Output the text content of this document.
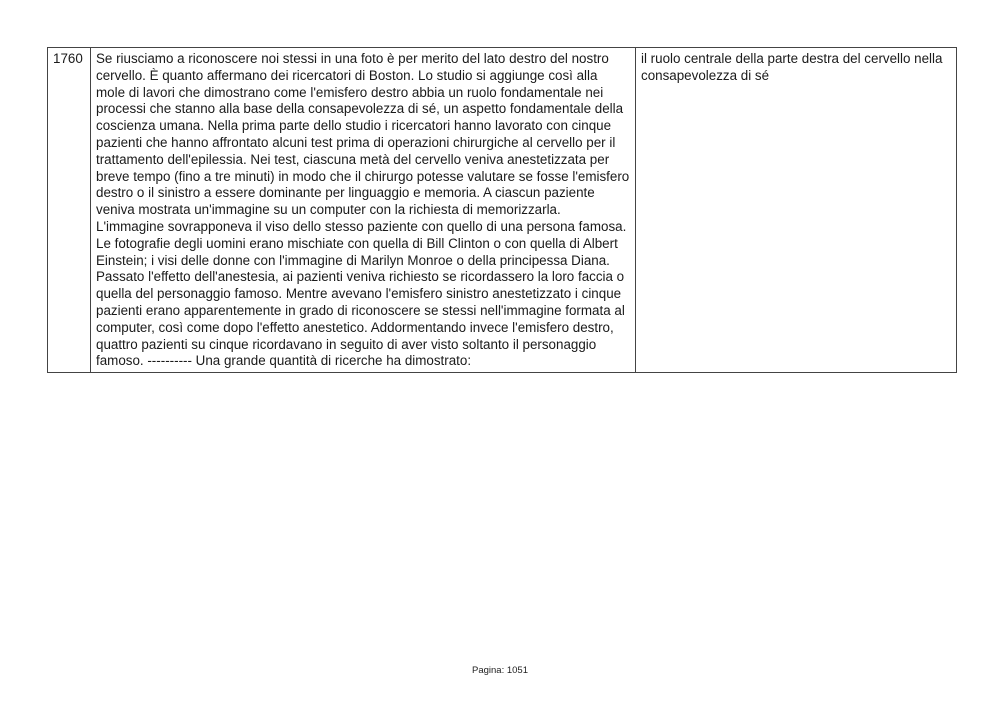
1760	Se riusciamo a riconoscere noi stessi in una foto è per merito del lato destro del nostro cervello. È quanto affermano dei ricercatori di Boston. Lo studio si aggiunge così alla mole di lavori che dimostrano come l'emisfero destro abbia un ruolo fondamentale nei processi che stanno alla base della consapevolezza di sé, un aspetto fondamentale della coscienza umana. Nella prima parte dello studio i ricercatori hanno lavorato con cinque pazienti che hanno affrontato alcuni test prima di operazioni chirurgiche al cervello per il trattamento dell'epilessia. Nei test, ciascuna metà del cervello veniva anestetizzata per breve tempo (fino a tre minuti) in modo che il chirurgo potesse valutare se fosse l'emisfero destro o il sinistro a essere dominante per linguaggio e memoria. A ciascun paziente veniva mostrata un'immagine su un computer con la richiesta di memorizzarla. L'immagine sovrapponeva il viso dello stesso paziente con quello di una persona famosa. Le fotografie degli uomini erano mischiate con quella di Bill Clinton o con quella di Albert Einstein; i visi delle donne con l'immagine di Marilyn Monroe o della principessa Diana. Passato l'effetto dell'anestesia, ai pazienti veniva richiesto se ricordassero la loro faccia o quella del personaggio famoso. Mentre avevano l'emisfero sinistro anestetizzato i cinque pazienti erano apparentemente in grado di riconoscere se stessi nell'immagine formata al computer, così come dopo l'effetto anestetico. Addormentando invece l'emisfero destro, quattro pazienti su cinque ricordavano in seguito di aver visto soltanto il personaggio famoso. ---------- Una grande quantità di ricerche ha dimostrato:	il ruolo centrale della parte destra del cervello nella consapevolezza di sé
Pagina: 1051
